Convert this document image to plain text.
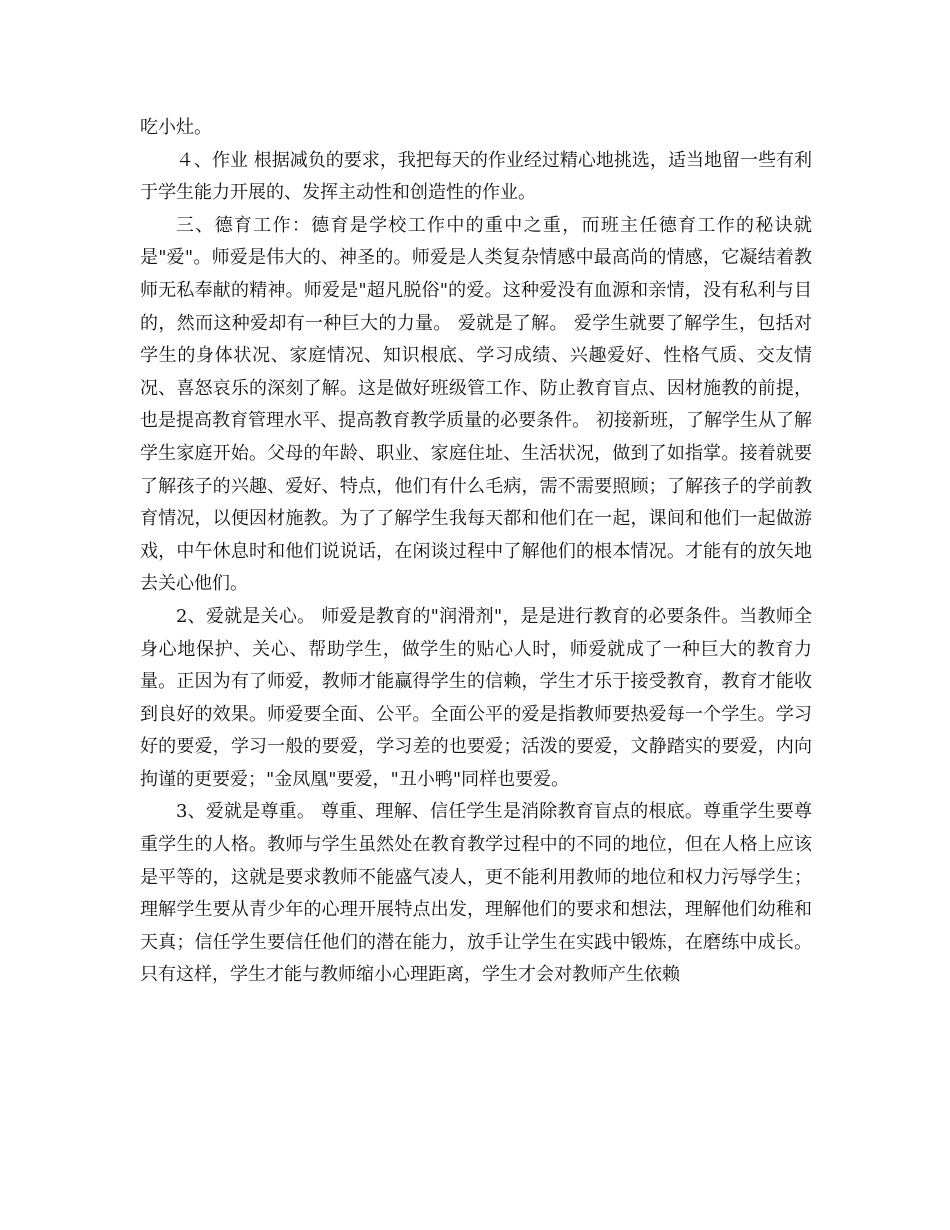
吃小灶。

４、作业 根据减负的要求，我把每天的作业经过精心地挑选，适当地留一些有利于学生能力开展的、发挥主动性和创造性的作业。

三、德育工作：德育是学校工作中的重中之重，而班主任德育工作的秘诀就是"爱"。师爱是伟大的、神圣的。师爱是人类复杂情感中最高尚的情感，它凝结着教师无私奉献的精神。师爱是"超凡脱俗"的爱。这种爱没有血源和亲情，没有私利与目的，然而这种爱却有一种巨大的力量。 爱就是了解。 爱学生就要了解学生，包括对学生的身体状况、家庭情况、知识根底、学习成绩、兴趣爱好、性格气质、交友情况、喜怒哀乐的深刻了解。这是做好班级管工作、防止教育盲点、因材施教的前提，也是提高教育管理水平、提高教育教学质量的必要条件。 初接新班，了解学生从了解学生家庭开始。父母的年龄、职业、家庭住址、生活状况，做到了如指掌。接着就要了解孩子的兴趣、爱好、特点，他们有什么毛病，需不需要照顾；了解孩子的学前教育情况，以便因材施教。为了了解学生我每天都和他们在一起，课间和他们一起做游戏，中午休息时和他们说说话，在闲谈过程中了解他们的根本情况。才能有的放矢地去关心他们。

2、爱就是关心。 师爱是教育的"润滑剂"，是是进行教育的必要条件。当教师全身心地保护、关心、帮助学生，做学生的贴心人时，师爱就成了一种巨大的教育力量。正因为有了师爱，教师才能赢得学生的信赖，学生才乐于接受教育，教育才能收到良好的效果。师爱要全面、公平。全面公平的爱是指教师要热爱每一个学生。学习好的要爱，学习一般的要爱，学习差的也要爱；活泼的要爱，文静踏实的要爱，内向拘谨的更要爱；"金凤凰"要爱，"丑小鸭"同样也要爱。

3、爱就是尊重。 尊重、理解、信任学生是消除教育盲点的根底。尊重学生要尊重学生的人格。教师与学生虽然处在教育教学过程中的不同的地位，但在人格上应该是平等的，这就是要求教师不能盛气凌人，更不能利用教师的地位和权力污辱学生；理解学生要从青少年的心理开展特点出发，理解他们的要求和想法，理解他们幼稚和天真；信任学生要信任他们的潜在能力，放手让学生在实践中锻炼，在磨练中成长。只有这样，学生才能与教师缩小心理距离，学生才会对教师产生依赖
